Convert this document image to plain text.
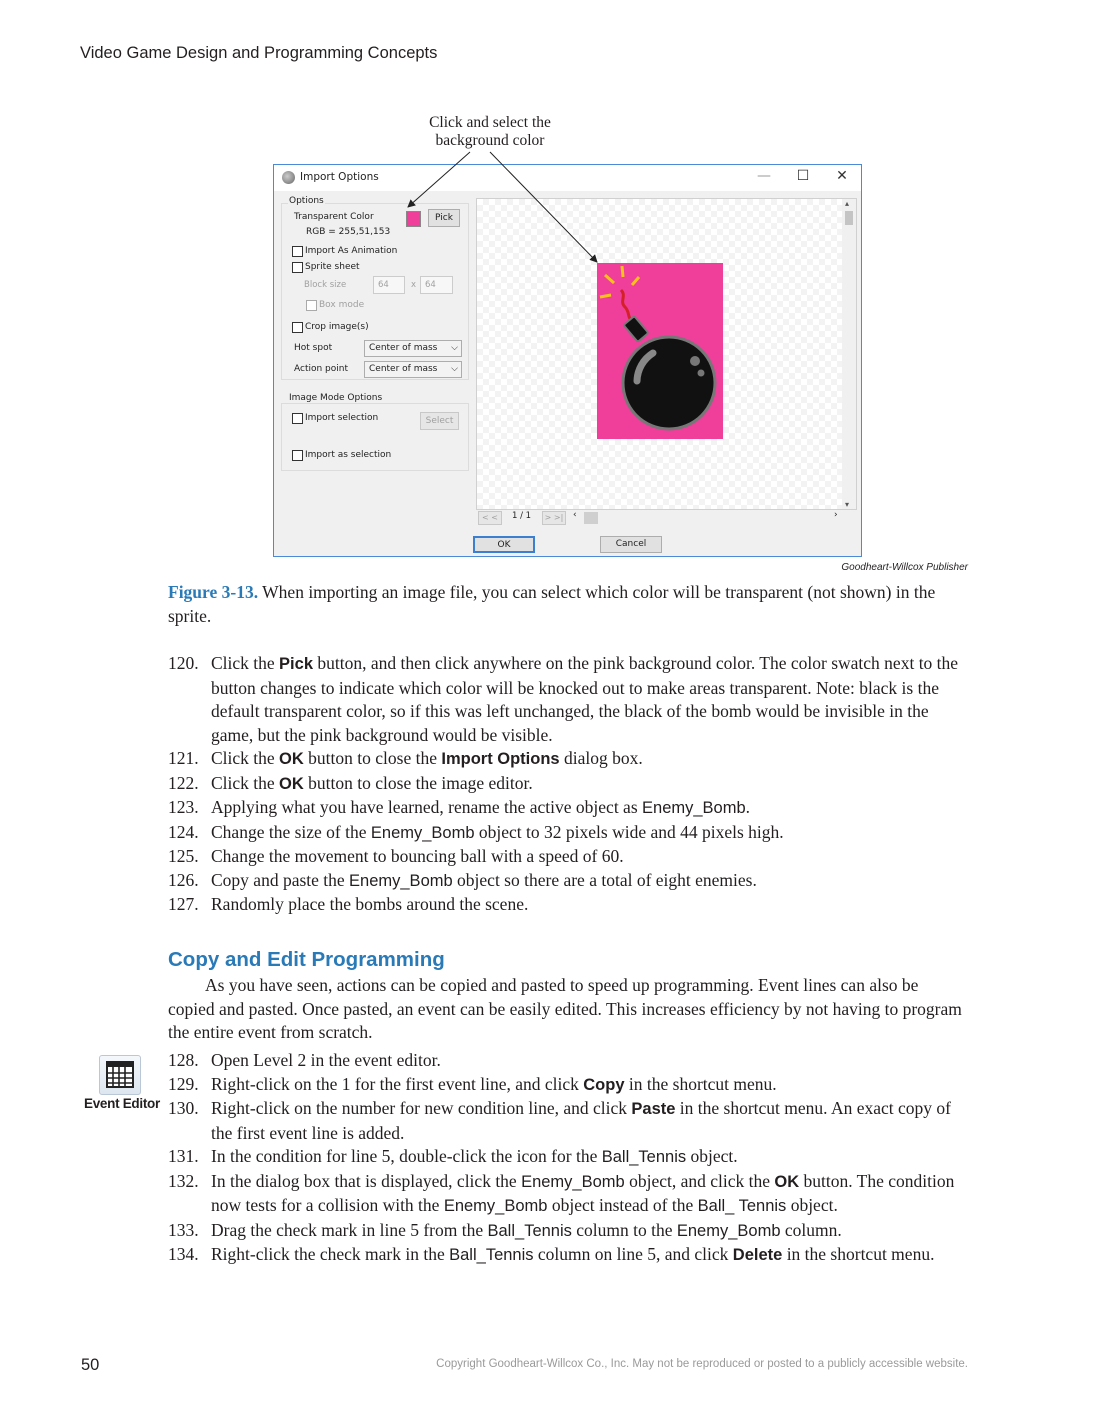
Video Game Design and Programming Concepts
Click and select the
background color
Import Options	—	☐	✕
Options
Transparent Color	Pick
RGB = 255,51,153
Import As Animation
Sprite sheet
Block size	64	x	64
Box mode
Crop image(s)
Hot spot	Center of mass ⌵
Action point	Center of mass ⌵
Image Mode Options
Import selection	Select
Import as selection
▴
▾
< <	1 / 1	> >| ‹	›
OK	Cancel
Goodheart-Willcox Publisher
Figure 3-13. When importing an image file, you can select which color will be transparent (not shown) in the sprite.
120. Click the Pick button, and then click anywhere on the pink background color. The color swatch next to the button changes to indicate which color will be knocked out to make areas transparent. Note: black is the default transparent color, so if this was left unchanged, the black of the bomb would be invisible in the game, but the pink background would be visible.
121. Click the OK button to close the Import Options dialog box.
122. Click the OK button to close the image editor.
123. Applying what you have learned, rename the active object as Enemy_Bomb.
124. Change the size of the Enemy_Bomb object to 32 pixels wide and 44 pixels high.
125. Change the movement to bouncing ball with a speed of 60.
126. Copy and paste the Enemy_Bomb object so there are a total of eight enemies.
127. Randomly place the bombs around the scene.
Copy and Edit Programming
As you have seen, actions can be copied and pasted to speed up programming. Event lines can also be copied and pasted. Once pasted, an event can be easily edited. This increases efficiency by not having to program the entire event from scratch.
Event Editor
128. Open Level 2 in the event editor.
129. Right-click on the 1 for the first event line, and click Copy in the shortcut menu.
130. Right-click on the number for new condition line, and click Paste in the shortcut menu. An exact copy of the first event line is added.
131. In the condition for line 5, double-click the icon for the Ball_Tennis object.
132. In the dialog box that is displayed, click the Enemy_Bomb object, and click the OK button. The condition now tests for a collision with the Enemy_Bomb object instead of the Ball_ Tennis object.
133. Drag the check mark in line 5 from the Ball_Tennis column to the Enemy_Bomb column.
134. Right-click the check mark in the Ball_Tennis column on line 5, and click Delete in the shortcut menu.
50	Copyright Goodheart-Willcox Co., Inc. May not be reproduced or posted to a publicly accessible website.
